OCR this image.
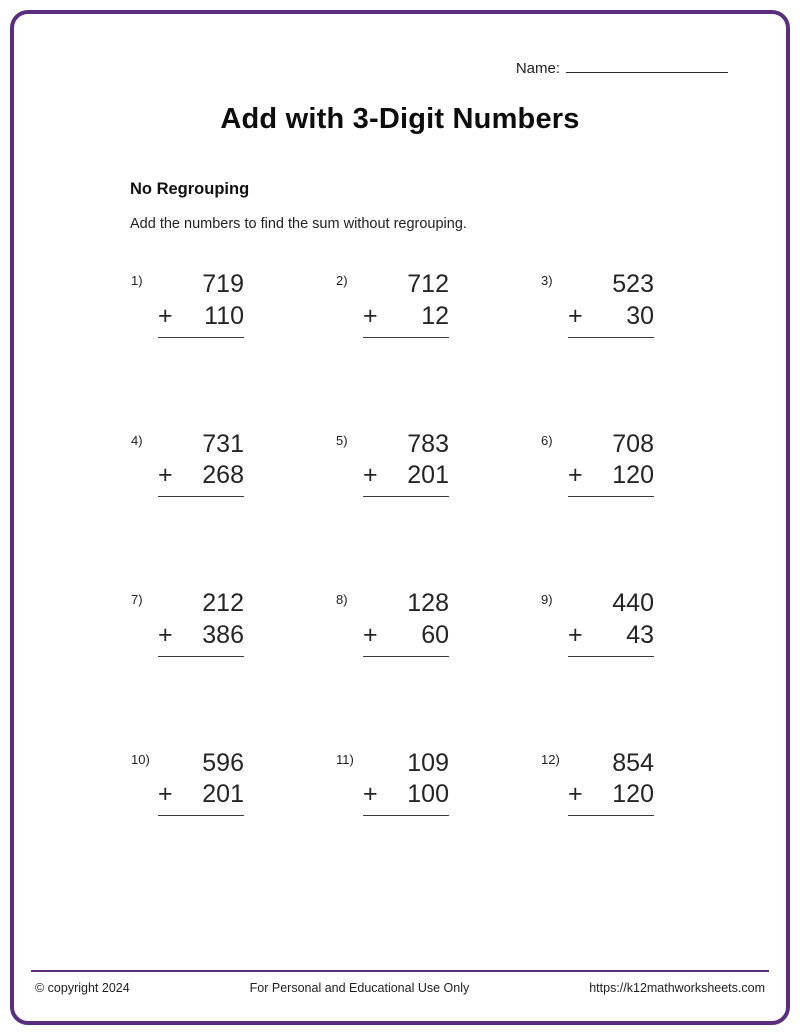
Name:
Add with 3-Digit Numbers
No Regrouping
Add the numbers to find the sum without regrouping.
1)	719
+ 110
2)	712
+ 12
3)	523
+ 30
4)	731
+ 268
5)	783
+ 201
6)	708
+ 120
7)	212
+ 386
8)	128
+ 60
9)	440
+ 43
10)	596
+ 201
11)	109
+ 100
12)	854
+ 120
© copyright 2024	For Personal and Educational Use Only	https://k12mathworksheets.com
